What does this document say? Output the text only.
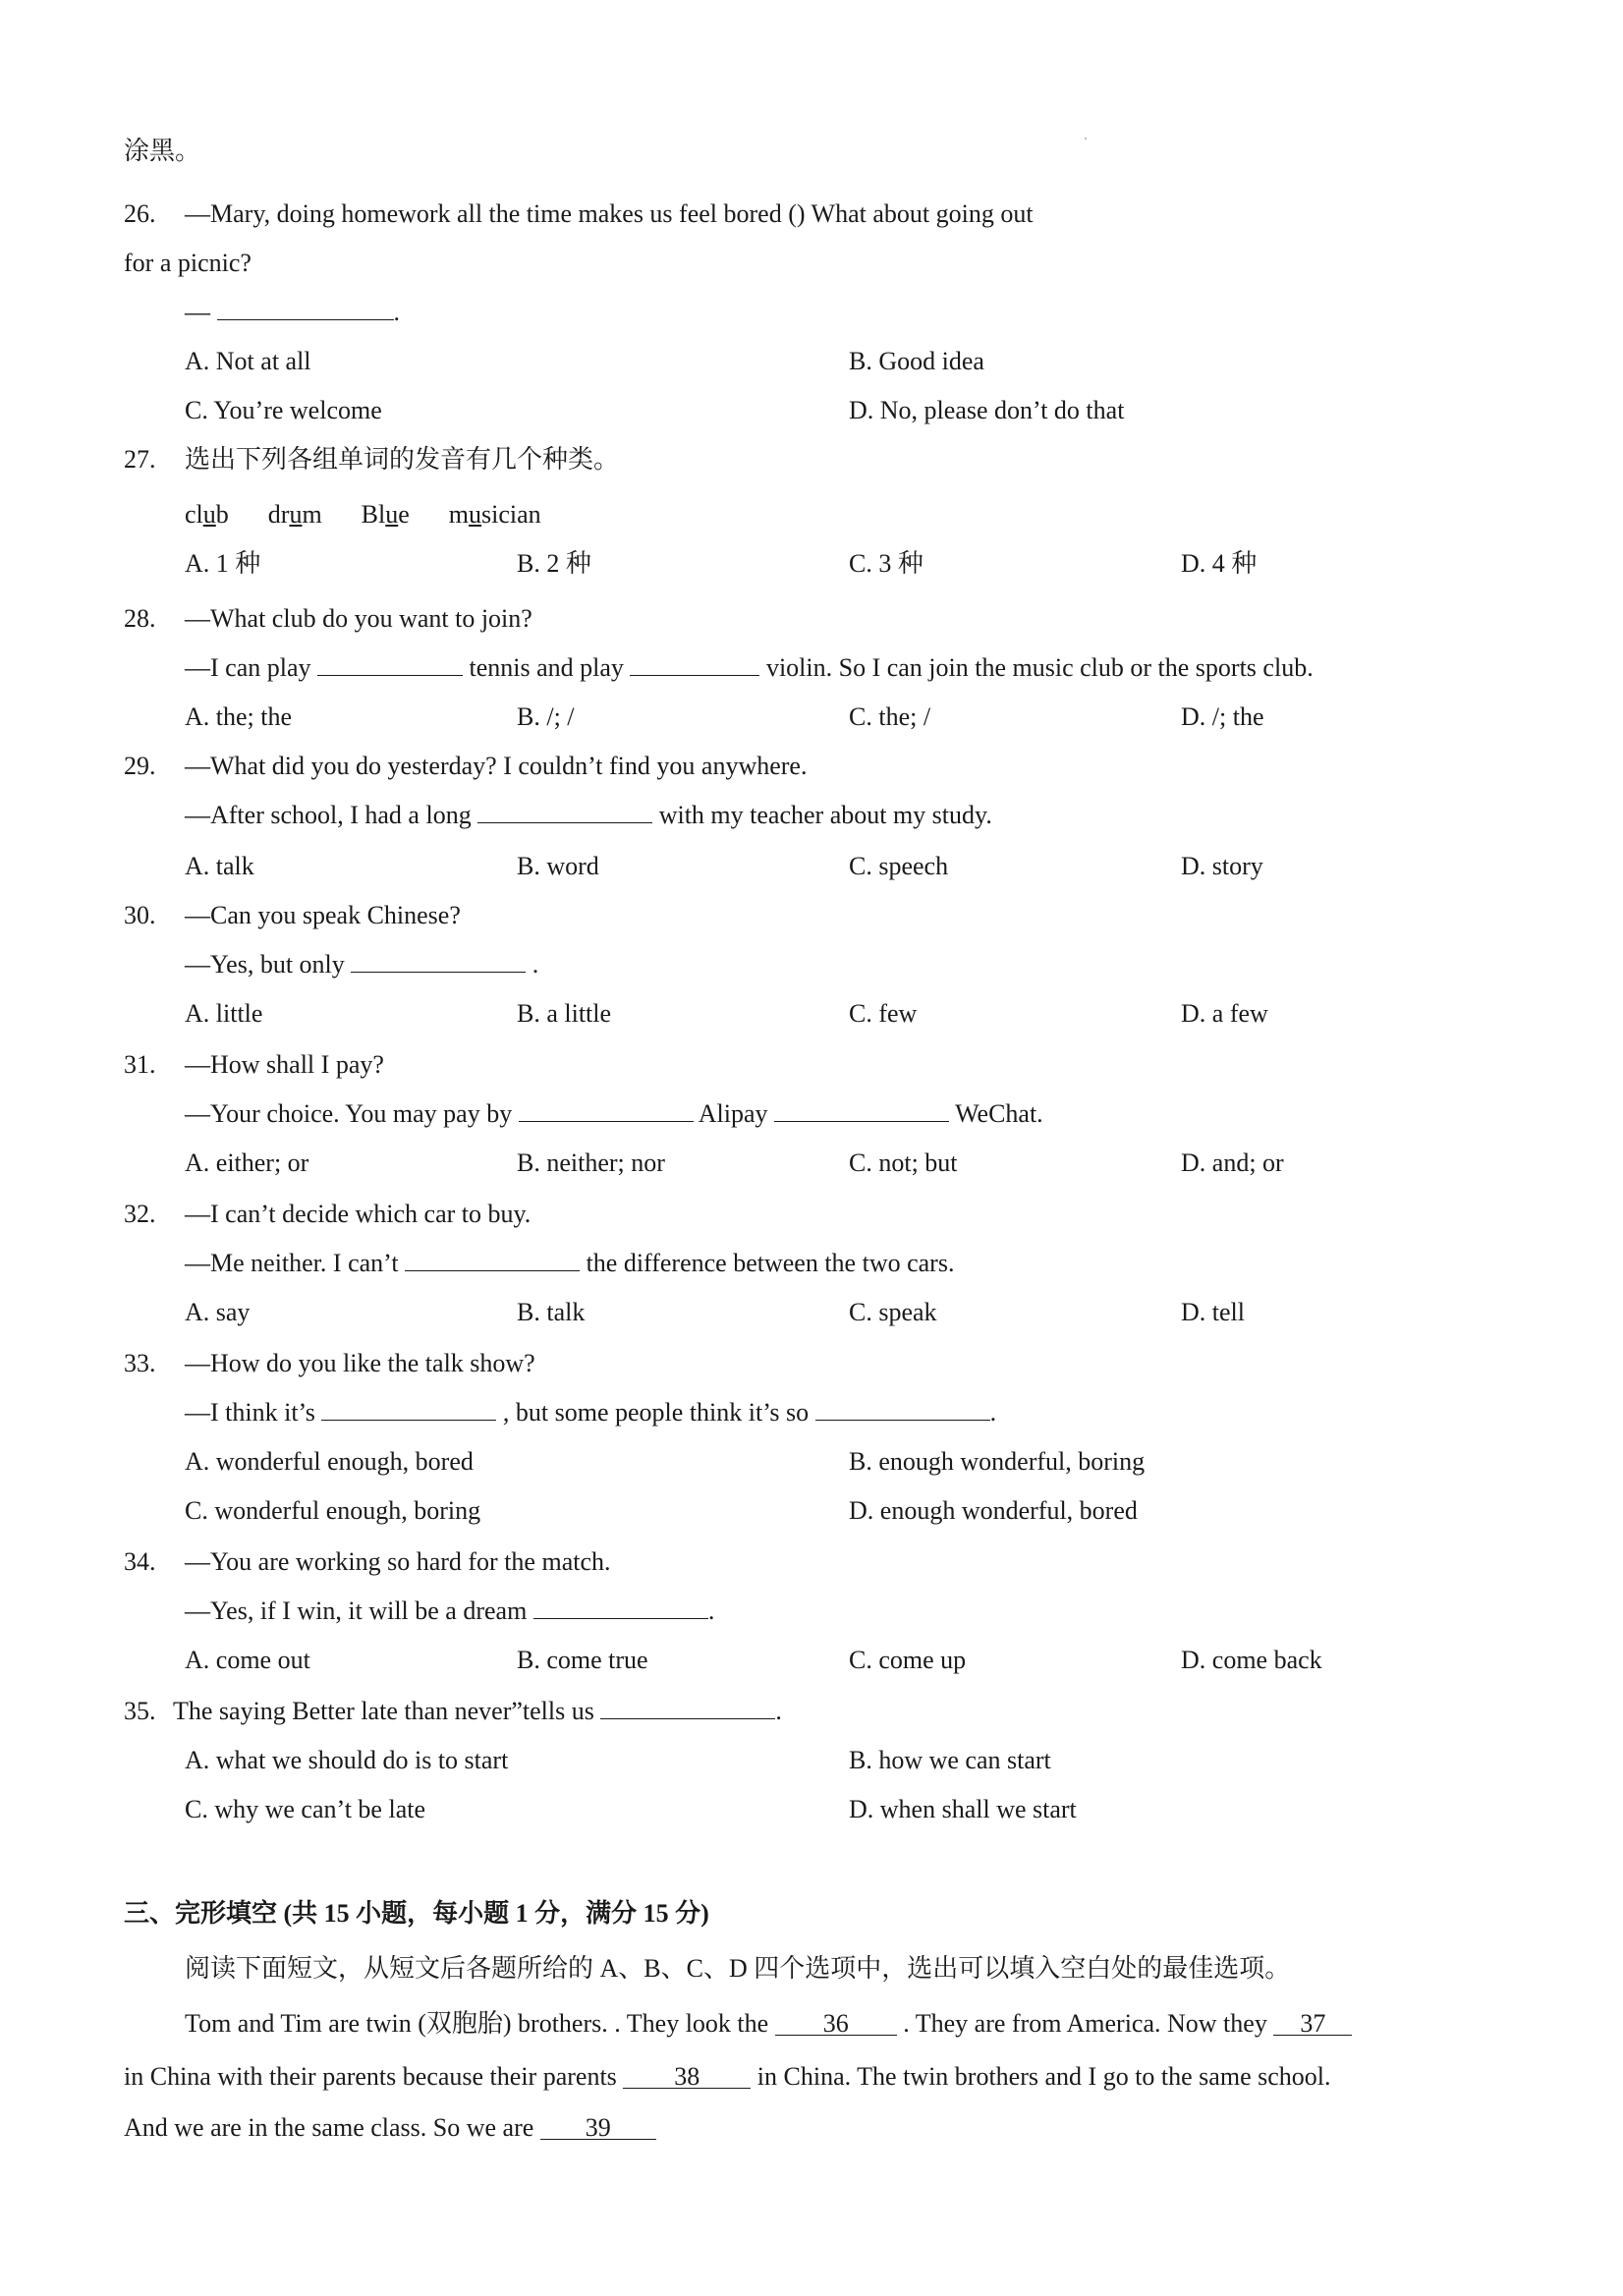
涂黑。
26. —Mary, doing homework all the time makes us feel bored () What about going out
for a picnic?
—	.
A. Not at all	B. Good idea
C. You’re welcome	D. No, please don’t do that
27. 选出下列各组单词的发音有几个种类。
club drum Blue musician
A. 1 种	B. 2 种	C. 3 种	D. 4 种
28. —What club do you want to join?
—I can play	tennis and play	violin. So I can join the music club or the sports club.
A. the; the	B. /; /	C. the; /	D. /; the
29. —What did you do yesterday? I couldn’t find you anywhere.
—After school, I had a long	with my teacher about my study.
A. talk	B. word	C. speech	D. story
30. —Can you speak Chinese?
—Yes, but only	.
A. little	B. a little	C. few	D. a few
31. —How shall I pay?
—Your choice. You may pay by	Alipay	WeChat.
A. either; or	B. neither; nor	C. not; but	D. and; or
32. —I can’t decide which car to buy.
—Me neither. I can’t	the difference between the two cars.
A. say	B. talk	C. speak	D. tell
33. —How do you like the talk show?
—I think it’s	, but some people think it’s so	.
A. wonderful enough, bored	B. enough wonderful, boring
C. wonderful enough, boring	D. enough wonderful, bored
34. —You are working so hard for the match.
—Yes, if I win, it will be a dream	.
A. come out	B. come true	C. come up	D. come back
35. The saying Better late than never”tells us	.
A. what we should do is to start	B. how we can start
C. why we can’t be late	D. when shall we start
三、完形填空 (共 15 小题，每小题 1 分，满分 15 分)
阅读下面短文，从短文后各题所给的 A、B、C、D 四个选项中，选出可以填入空白处的最佳选项。
Tom and Tim are twin (双胞胎) brothers. . They look the 36 . They are from America. Now they 37
in China with their parents because their parents 38 in China. The twin brothers and I go to the same school.
And we are in the same class. So we are 39
